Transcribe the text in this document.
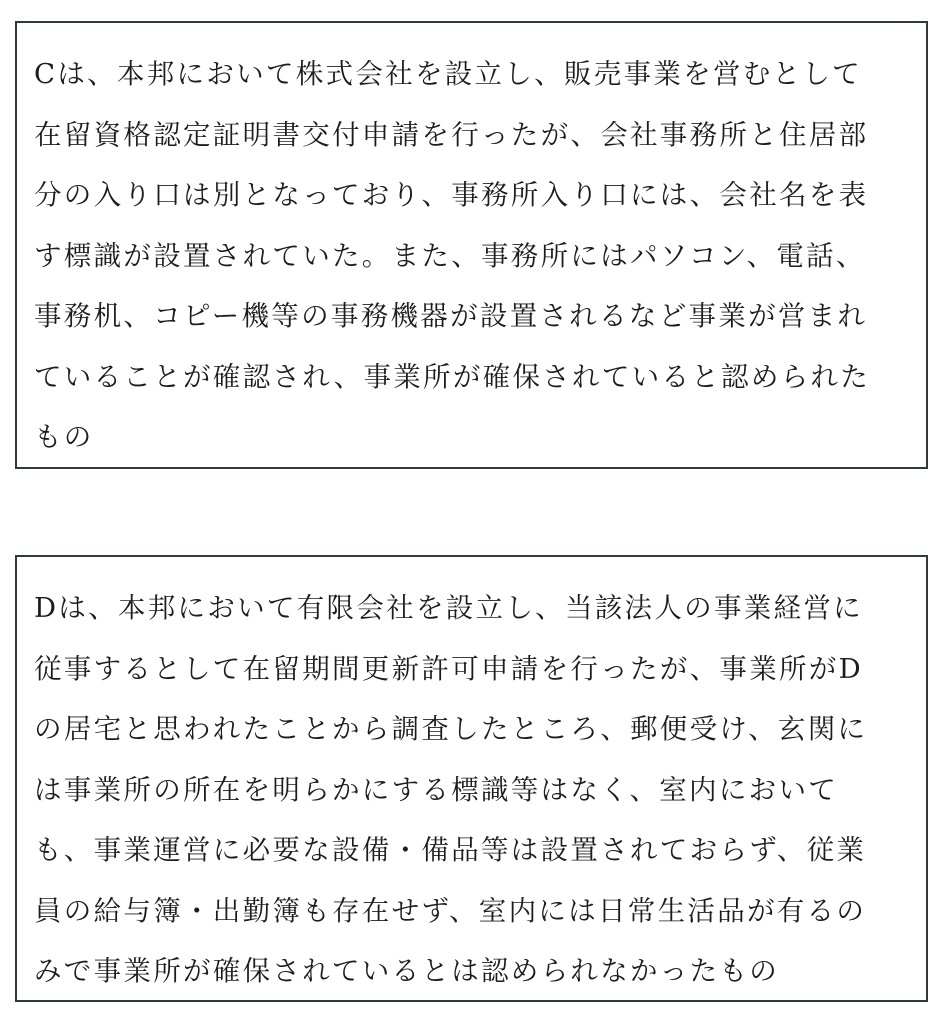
Cは、本邦において株式会社を設立し、販売事業を営むとして
在留資格認定証明書交付申請を行ったが、会社事務所と住居部
分の入り口は別となっており、事務所入り口には、会社名を表
す標識が設置されていた。また、事務所にはパソコン、電話、
事務机、コピー機等の事務機器が設置されるなど事業が営まれ
ていることが確認され、事業所が確保されていると認められた
もの

Dは、本邦において有限会社を設立し、当該法人の事業経営に
従事するとして在留期間更新許可申請を行ったが、事業所がD
の居宅と思われたことから調査したところ、郵便受け、玄関に
は事業所の所在を明らかにする標識等はなく、室内において
も、事業運営に必要な設備・備品等は設置されておらず、従業
員の給与簿・出勤簿も存在せず、室内には日常生活品が有るの
みで事業所が確保されているとは認められなかったもの
